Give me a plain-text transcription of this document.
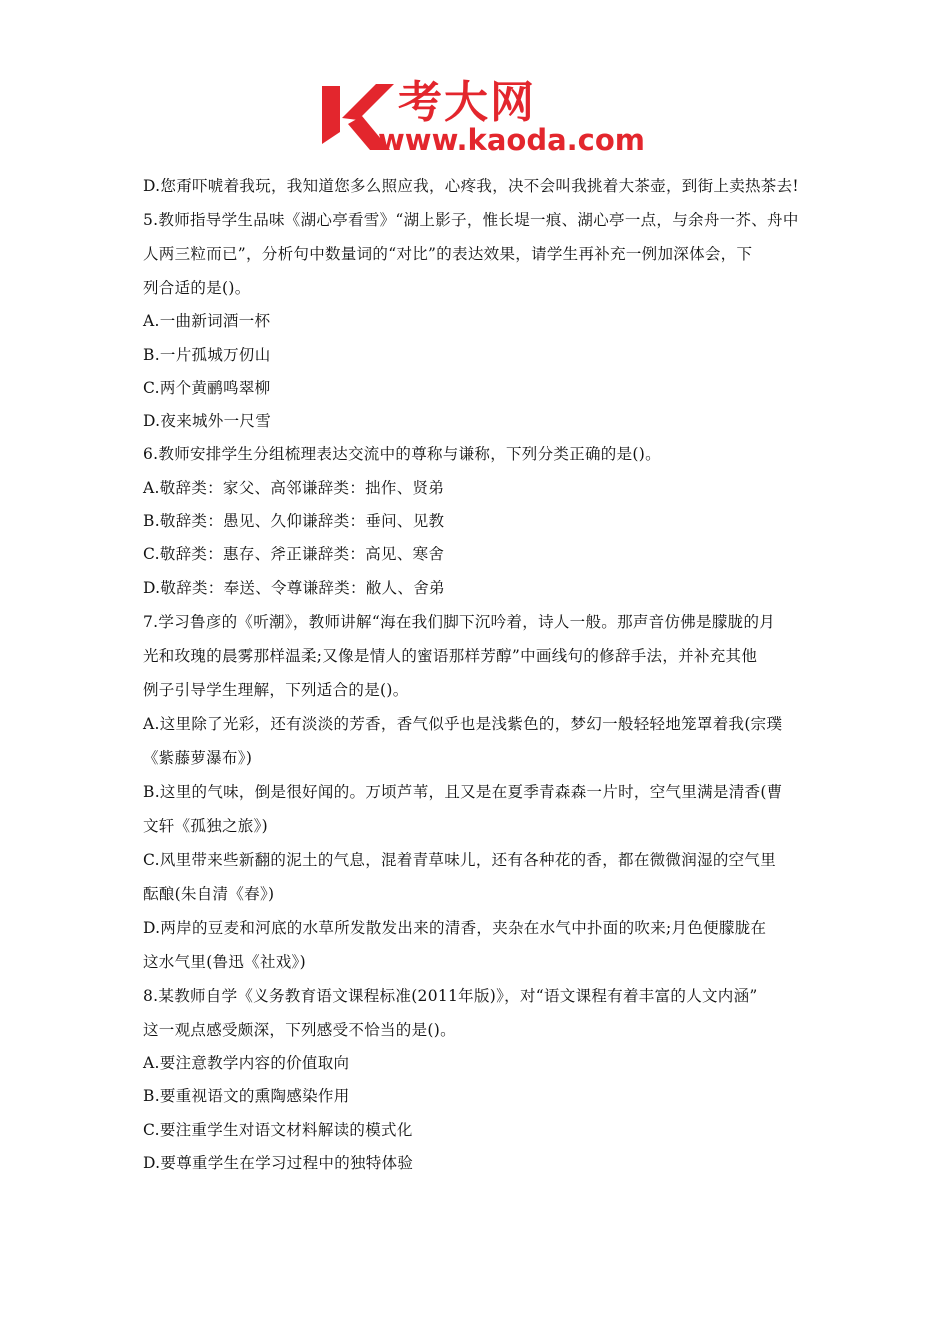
考大网
www.kaoda.com
D.您甭吓唬着我玩，我知道您多么照应我，心疼我，决不会叫我挑着大茶壶，到街上卖热茶去!
5.教师指导学生品味《湖心亭看雪》“湖上影子，惟长堤一痕、湖心亭一点，与余舟一芥、舟中
人两三粒而已”，分析句中数量词的“对比”的表达效果，请学生再补充一例加深体会，下
列合适的是()。
A.一曲新词酒一杯
B.一片孤城万仞山
C.两个黄鹂鸣翠柳
D.夜来城外一尺雪
6.教师安排学生分组梳理表达交流中的尊称与谦称，下列分类正确的是()。
A.敬辞类：家父、高邻谦辞类：拙作、贤弟
B.敬辞类：愚见、久仰谦辞类：垂问、见教
C.敬辞类：惠存、斧正谦辞类：高见、寒舍
D.敬辞类：奉送、令尊谦辞类：敝人、舍弟
7.学习鲁彦的《听潮》，教师讲解“海在我们脚下沉吟着，诗人一般。那声音仿佛是朦胧的月
光和玫瑰的晨雾那样温柔;又像是情人的蜜语那样芳醇”中画线句的修辞手法，并补充其他
例子引导学生理解，下列适合的是()。
A.这里除了光彩，还有淡淡的芳香，香气似乎也是浅紫色的，梦幻一般轻轻地笼罩着我(宗璞
《紫藤萝瀑布》)
B.这里的气味，倒是很好闻的。万顷芦苇，且又是在夏季青森森一片时，空气里满是清香(曹
文轩《孤独之旅》)
C.风里带来些新翻的泥土的气息，混着青草味儿，还有各种花的香，都在微微润湿的空气里
酝酿(朱自清《春》)
D.两岸的豆麦和河底的水草所发散发出来的清香，夹杂在水气中扑面的吹来;月色便朦胧在
这水气里(鲁迅《社戏》)
8.某教师自学《义务教育语文课程标准(2011年版)》，对“语文课程有着丰富的人文内涵”
这一观点感受颇深，下列感受不恰当的是()。
A.要注意教学内容的价值取向
B.要重视语文的熏陶感染作用
C.要注重学生对语文材料解读的模式化
D.要尊重学生在学习过程中的独特体验
